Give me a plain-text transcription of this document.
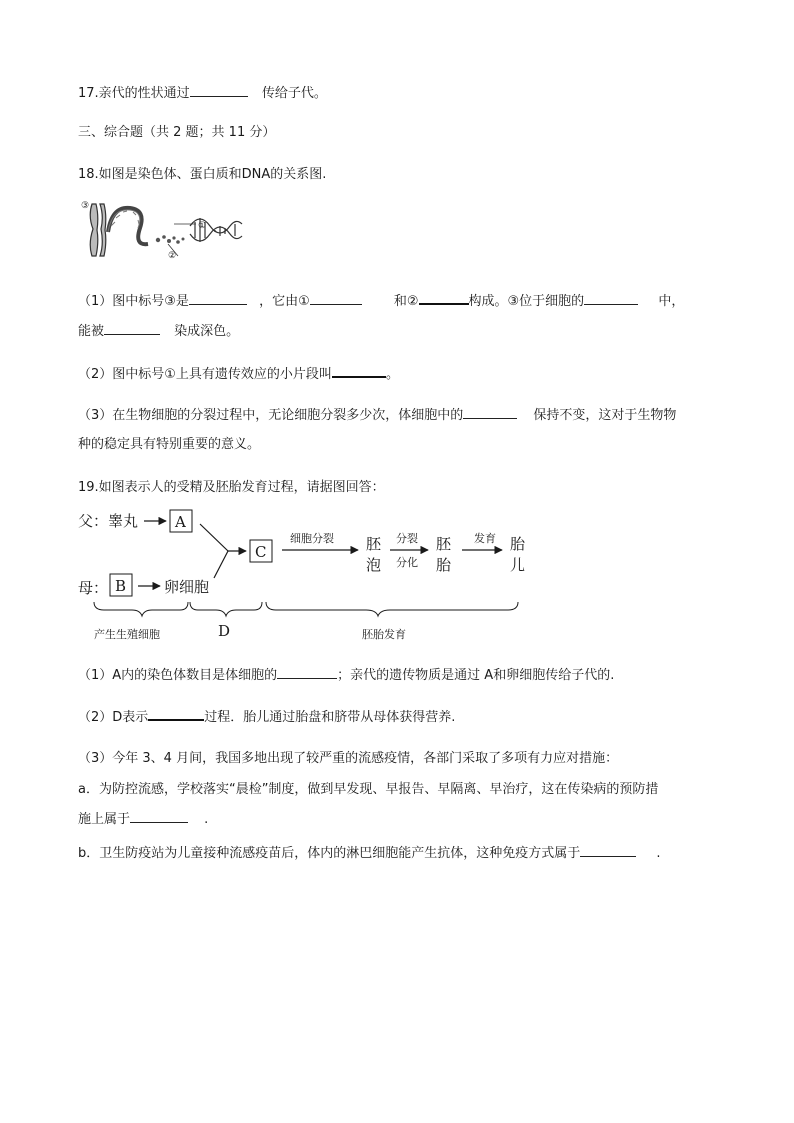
17.亲代的性状通过	传给子代。
三、综合题（共 2 题；共 11 分）
18.如图是染色体、蛋白质和DNA的关系图.
③
①
②
（1）图中标号③是	，它由①	和②	构成。③位于细胞的	中，
能被	染成深色。
（2）图中标号①上具有遗传效应的小片段叫	。
（3）在生物细胞的分裂过程中，无论细胞分裂多少次，体细胞中的	保持不变，这对于生物物
种的稳定具有特别重要的意义。
19.如图表示人的受精及胚胎发育过程，请据图回答：
父：睾丸 A
母： B	卵细胞
C
细胞分裂 胚
泡
分裂
分化
胚
胎
发育 胎
儿
产生生殖细胞	D	胚胎发育
（1）A内的染色体数目是体细胞的	；亲代的遗传物质是通过 A和卵细胞传给子代的.
（2）D表示	过程．胎儿通过胎盘和脐带从母体获得营养.
（3）今年 3、4 月间，我国多地出现了较严重的流感疫情，各部门采取了多项有力应对措施：
a．为防控流感，学校落实“晨检”制度，做到早发现、早报告、早隔离、早治疗，这在传染病的预防措
施上属于	.
b．卫生防疫站为儿童接种流感疫苗后，体内的淋巴细胞能产生抗体，这种免疫方式属于	.
